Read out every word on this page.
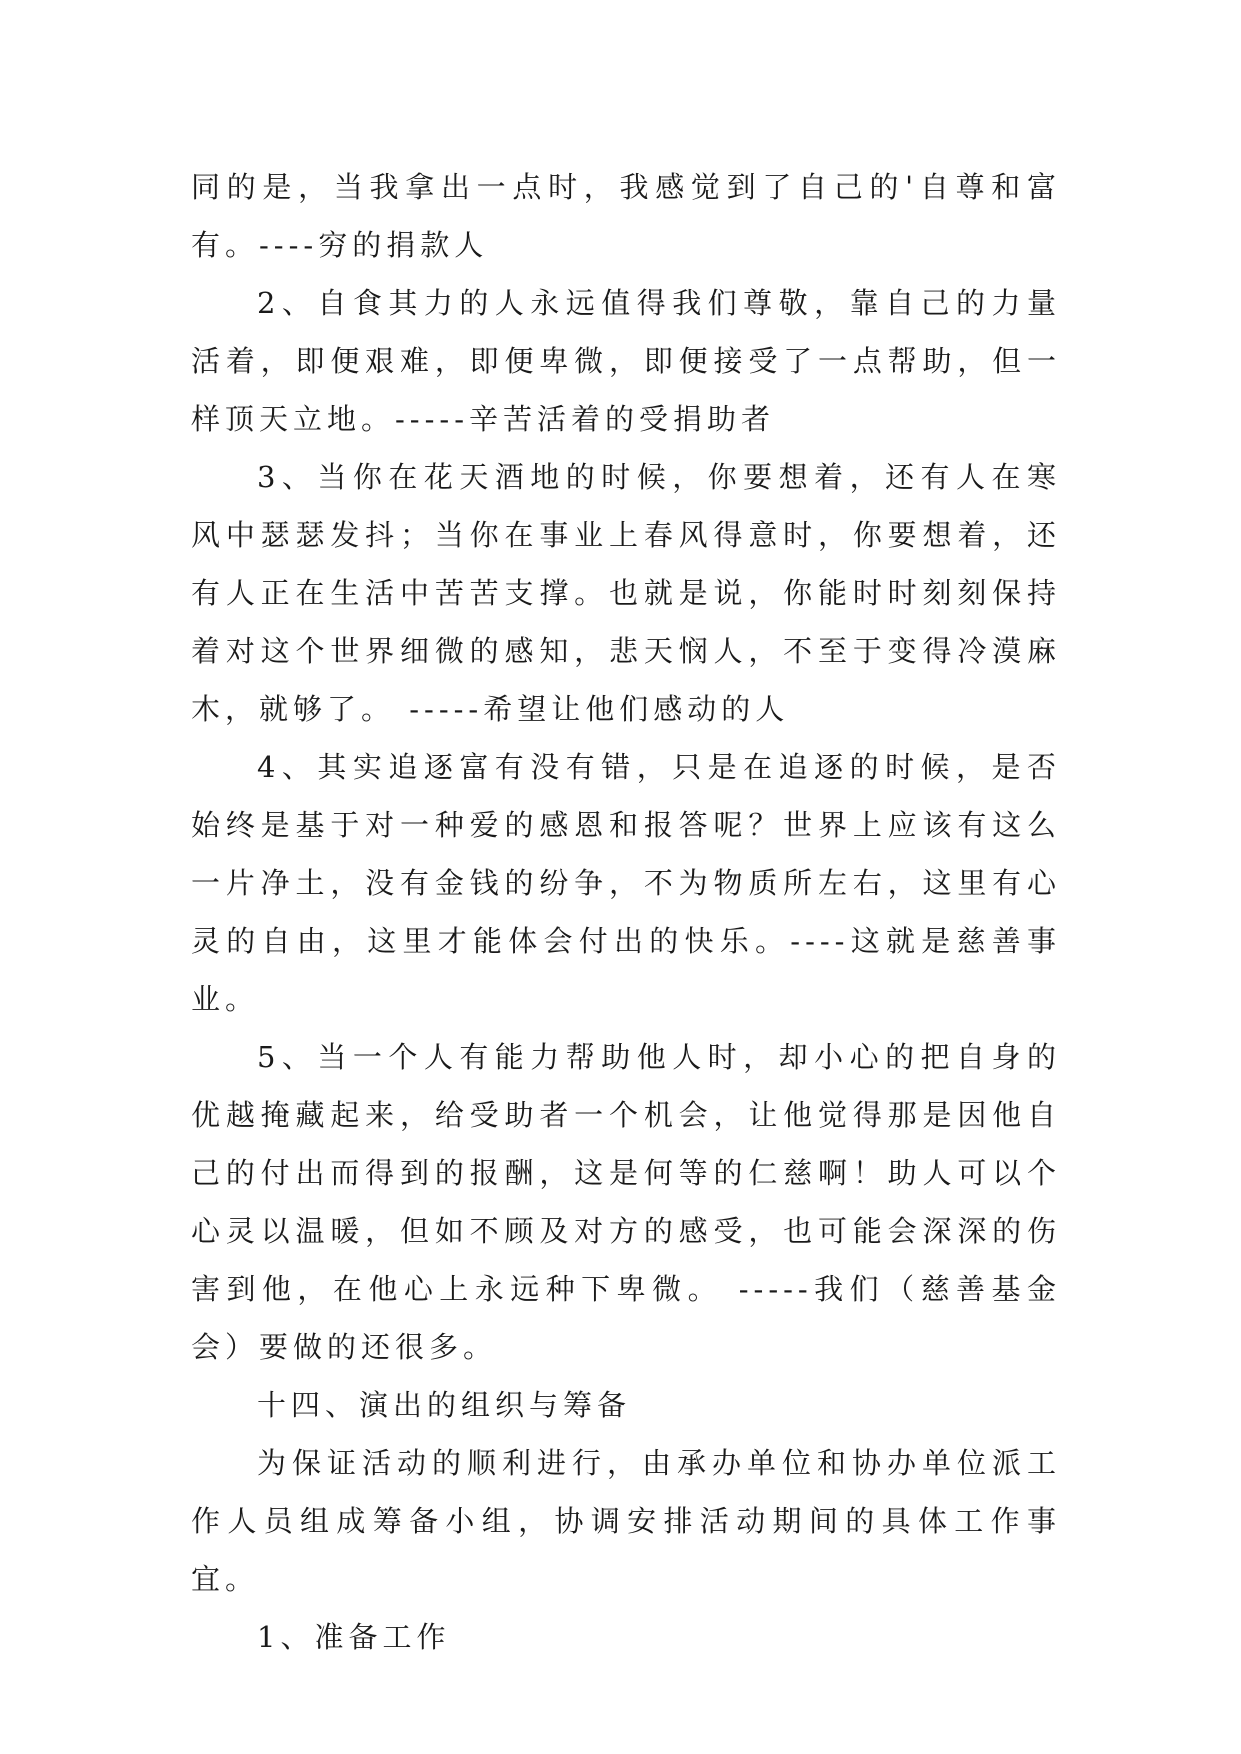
同的是，当我拿出一点时，我感觉到了自己的'自尊和富有。----穷的捐款人

2、自食其力的人永远值得我们尊敬，靠自己的力量活着，即便艰难，即便卑微，即便接受了一点帮助，但一样顶天立地。-----辛苦活着的受捐助者

3、当你在花天酒地的时候，你要想着，还有人在寒风中瑟瑟发抖；当你在事业上春风得意时，你要想着，还有人正在生活中苦苦支撑。也就是说，你能时时刻刻保持着对这个世界细微的感知，悲天悯人，不至于变得冷漠麻木，就够了。 -----希望让他们感动的人

4、其实追逐富有没有错，只是在追逐的时候，是否始终是基于对一种爱的感恩和报答呢？世界上应该有这么一片净土，没有金钱的纷争，不为物质所左右，这里有心灵的自由，这里才能体会付出的快乐。----这就是慈善事业。

5、当一个人有能力帮助他人时，却小心的把自身的优越掩藏起来，给受助者一个机会，让他觉得那是因他自己的付出而得到的报酬，这是何等的仁慈啊！助人可以个心灵以温暖，但如不顾及对方的感受，也可能会深深的伤害到他，在他心上永远种下卑微。 -----我们（慈善基金会）要做的还很多。

十四、演出的组织与筹备

为保证活动的顺利进行，由承办单位和协办单位派工作人员组成筹备小组，协调安排活动期间的具体工作事宜。

1、准备工作
